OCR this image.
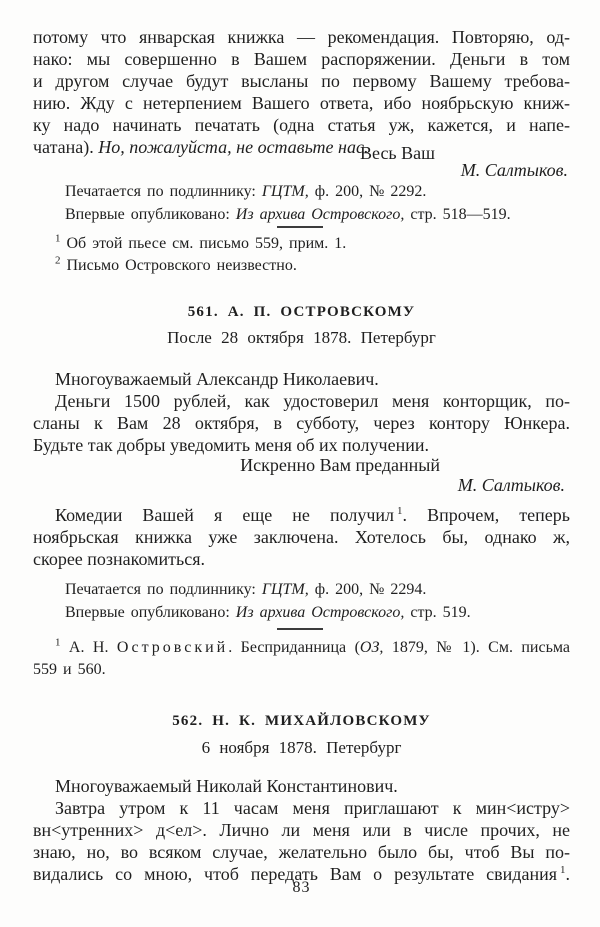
потому что январская книжка — рекомендация. Повторяю, од-
нако: мы совершенно в Вашем распоряжении. Деньги в том
и другом случае будут высланы по первому Вашему требова-
нию. Жду с нетерпением Вашего ответа, ибо ноябрьскую книж-
ку надо начинать печатать (одна статья уж, кажется, и напе-
чатана). Но, пожалуйста, не оставьте нас.
Весь Ваш
М. Салтыков.
Печатается по подлиннику: ГЦТМ, ф. 200, № 2292.
Впервые опубликовано: Из архива Островского, стр. 518—519.
$^1$ Об этой пьесе см. письмо 559, прим. 1.
$^2$ Письмо Островского неизвестно.
561. А. П. ОСТРОВСКОМУ
После 28 октября 1878. Петербург
Многоуважаемый Александр Николаевич.
Деньги 1500 рублей, как удостоверил меня конторщик, по-
сланы к Вам 28 октября, в субботу, через контору Юнкера.
Будьте так добры уведомить меня об их получении.
Искренно Вам преданный
М. Салтыков.
Комедии Вашей я еще не получил $^1$. Впрочем, теперь
ноябрьская книжка уже заключена. Хотелось бы, однако ж,
скорее познакомиться.
Печатается по подлиннику: ГЦТМ, ф. 200, № 2294.
Впервые опубликовано: Из архива Островского, стр. 519.
$^1$ А. Н. Островский. Бесприданница (ОЗ, 1879, № 1). См. письма
559 и 560.
562. Н. К. МИХАЙЛОВСКОМУ
6 ноября 1878. Петербург
Многоуважаемый Николай Константинович.
Завтра утром к 11 часам меня приглашают к мин<истру>
вн<утренних> д<ел>. Лично ли меня или в числе прочих, не
знаю, но, во всяком случае, желательно было бы, чтоб Вы по-
видались со мною, чтоб передать Вам о результате свидания $^1$.
83
